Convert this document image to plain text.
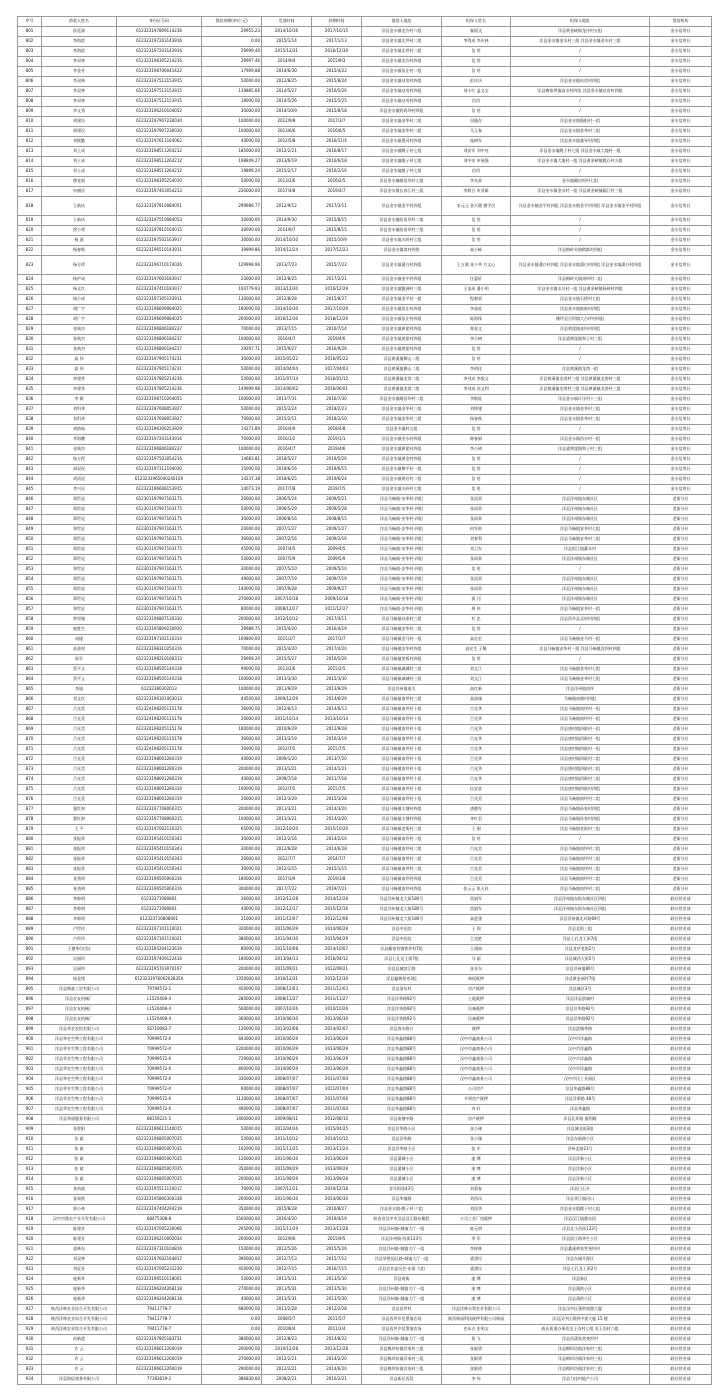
序号	借款人姓名	身份证号码	贷款余额(单位:元)	发放时间	到期时间	借款人地址	担保人姓名	担保人地址	贷款机构
801	侯廷斌	612323197809114236	29955.23	2014/10/16	2017/10/15	洋县金水镇龙冷村六组	秦丽文	洋县黄金峡镇龙冷村五组	金水信用社
802	李海滨	612323197203143916	0.00	2015/1/14	2017/1/13	洋县金水镇北坪村二组	李得成 李庆林	洋县金水镇金水村三组 洋县金水镇金水村三组	金水信用社
803	李海滨	612323197203143916	29999.40	2015/12/31	2016/12/30	洋县金水镇北坪村二组	信 用	/	金水信用社
804	李双林	612323198305214216	29997.46	2014/9/4	2015/9/3	洋县金水镇龙冷村四组	信 用	/	金水信用社
805	李金芳	612323198706041422	17909.88	2014/6/30	2015/4/22	洋县金水镇张庄村二组	信 用	/	金水信用社
806	李双林	612323197512153915	50000.00	2012/8/25	2015/8/24	洋县金水镇站房村四组	彭庆庆	洋县金水镇站房村四组	金水信用社
807	李双林	612323197512153915	139885.66	2014/5/27	2016/5/26	洋县金水镇站房村四组	刘小红 盖文宝	洋县梅家坝镇高水村四组 洋县金水镇站房村四组	金水信用社
808	李双林	612323197512153915	18000.00	2014/5/26	2015/5/25	洋县金水镇站房村四组	信用	/	金水信用社
809	李文秀	612323196210104052	30000.00	2014/10/9	2015/8/18	洋县金水镇野鸡坝村四组	信 用	/	金水信用社
810	胡建设	612323197907230030	100000.00	2012/9/8	2017/3/7	洋县金水镇金华村二组	闵隆存	洋县金水镇隆阳村一组	金水信用社
811	胡建设	612323197907230030	100000.00	2013/6/6	2016/6/5	洋县金水镇金华村二组	马玉春	洋县金水镇金华村二组	金水信用社
812	刘焕勤	612323197611164062	40000.00	2012/5/8	2016/11/4	洋县金水镇墨河村四组	庞树军	洋县金水镇暴导村四组	金水信用社
813	刘土成	612323198511264212	185000.00	2012/2/21	2016/8/17	洋县金水镇跳子村七组	刘安军 刘中亮	洋县金水镇跳子村七组 洋县金水镇大地村一组	金水信用社
814	刘土成	612323198511264212	198849.27	2013/6/19	2016/6/18	洋县金水镇跳子村七组	刘中亮 申展强	洋县金水镇大地村一组 洋县黄金峡镇跳石村五组	金水信用社
815	刘土成	612323198511264212	19899.24	2015/2/17	2016/2/16	洋县金水镇跳子村七组	信用	/	金水信用社
816	穆党娟	612323198105254010	50000.00	2013/2/6	2016/2/5	洋县金水镇睡田坝村七组	李先果	金水镇睡田坝村七组	金水信用社
817	申旗庆	612323197403054213	220000.00	2017/4/8	2019/4/7	洋县金水镇长春江村三组	李润百 申亚雄	洋县金水镇金水村一组 洋县黄金峡镇隔江村三组	金水信用社
818	王新庆	612323197810084051	299989.77	2012/9/12	2017/3/11	洋县金水镇金平村四组	宋元元 金天健 穆学民	洋县金水镇金平村四组 洋县金水镇金平村四组 洋县金水镇金平村四组	金水信用社
819	王新庆	612323197510084053	30000.00	2014/9/30	2015/8/15	洋县金水镇阳田坝村二组	信 用	/	金水信用社
820	徐小勇	612323197810164015	30000.00	2014/9/7	2015/8/15	洋县金水镇阳田坝村三组	信 用	/	金水信用社
821	杨 波	612323197502163917	30000.00	2014/10/10	2015/10/9	洋县金水镇关岭村七组	信 用	/	金水信用社
822	杨春秋	612323196510143911	39999.86	2014/12/24	2017/12/23	洋县金水镇湾村四组	高小栋	洋县梅岭关镇稍都村四组	金水信用社
823	杨方珍	612323196710174026	129998.96	2013/7/23	2015/7/22	洋县金水镇蒲白村四组	王万满 张小华 方文心	洋县金水镇蒲白村四组 洋县金水镇蒲白村四组 洋县金水镇蒲白村四组	金水信用社
824	杨庐成	612323197603183917	23000.00	2012/8/25	2017/2/21	洋县金水镇金平村四组	任惠轩	洋县梅岭关镇南坝村二组	金水信用社
825	杨文红	612323197410183917	104779.93	2013/12/30	2016/12/29	洋县金水镇鲍洲村三组	王家成 潘小明	洋县金水镇水川村一组 洋县黄金峡镇杨岭村四组	金水信用社
826	杨小成	612323197305133911	130000.00	2012/8/28	2015/8/27	洋县金水镇金平村一组	程朝荣	洋县金水镇石桥村七组	金水信用社
827	胡广宇	612323196609084025	160000.00	2014/10/30	2017/10/29	洋县金水镇张庄村四组	李高娃	洋县金水镇鼓鼓村四组	金水信用社
828	胡广宇	612323196609084025	200000.00	2016/12/30	2018/12/29	洋县金水镇张庄村四组	陈海锋	佛坪县岳坝镇大古坪村四组	金水信用社
829	张典杰	612323196806184237	70000.00	2013/7/15	2016/7/14	洋县金水镇黄崖村四组	郑金文	洋县黄崖镇张坝村四组	金水信用社
830	张典杰	612323196806184237	100000.00	2016/4/7	2019/4/6	洋县金水镇黄崖村四组	李小树	洋县梁黄崖镇和子村三组	金水信用社
831	张典杰	612323196806184237	29297.71	2015/9/27	2016/9/26	洋县金水镇黄崖村四组	信 用	/	金水信用社
832	高 伟	612323197905174231	30000.00	2015/05/22	2016/05/22	洋县黄溪镇狮山二组	信 用	/	金水信用社
833	高 伟	612323197905174231	50000.00	2014/04/04	2017/04/03	洋县黄溪镇狮山二组	李明佳	洋县黄溪镇龙湾一组	金水信用社
834	李建华	612323197805214236	50000.00	2011/07/14	2016/01/12	洋县黄溪镇龙湾二组	李刊成 李俊文	洋县黄溪镇龙湾村三组 洋县黄溪镇龙湾村三组	金水信用社
835	李建华	612323197805214236	149999.98	2014/06/02	2016/06/01	洋县黄溪镇龙湾二组	李刊成 苏文利	洋县黄溪镇龙湾村三组 洋县黄溪镇龙湾村三组	金水信用社
836	李 敏	612323198710264055	100000.00	2013/7/31	2016/7/30	洋县金水镇睡田坝村二组	李敏娃	洋县金水镇许洋村十三组	金水信用社
837	刘科华	612323197608053927	50000.00	2015/2/24	2018/2/23	洋县金水镇金华村三组	刘坤建	洋县金水镇金华村三组	金水信用社
838	刘科华	612323197608053927	70000.00	2015/2/11	2018/2/10	洋县金水镇金华村三组	杨春秋	洋县金水镇金华村三组	金水信用社
839	胡倩茹	612323196306253929	14271.89	2016/4/9	2018/4/8	洋县金水镇村五组	信 用	/	金水信用社
840	李海鹏	612323197203143916	70000.00	2016/1/2	2019/1/1	洋县金水镇金水村四组	韩春娟	洋县金水镇西水村一组	金水信用社
841	张典杰	612323196806184237	100000.00	2016/4/7	2019/4/6	洋县金水镇黄崖村四组	李小树	洋县梁黄崖镇和子村三组	金水信用社
842	杨万程	612323197503054216	14683.81	2018/5/27	2019/5/26	洋县金水镇黄金村四组	信 用	/	金水信用社
843	胡双权	612323197312194030	15000.00	2018/6/16	2019/6/15	洋县金水镇狮平村一组	信 用	/	金水信用社
844	胡清虎	612323196504024010X	14237.38	2018/6/25	2019/6/24	洋县金水镇黄启村二组	信 用	/	金水信用社
845	李兴民	612323196608153915	14073.19	2017/7/8	2019/7/5	洋县金水镇关岭村七组	信 用	/	金水信用社
846	郑世虎	612301197907163175	20000.00	2006/5/24	2009/5/21	洋县马畅镇-安华村-四组	张雨荣	洋县洋州镇东城社区	老街分社
847	郑世虎	612301197907163175	50000.00	2006/5/29	2009/5/28	洋县马畅镇-安华村-四组	张雨荣	洋县洋州镇东城社区	老街分社
848	郑世虎	612301197907163175	30000.00	2006/8/16	2008/8/15	洋县马畅镇-安华村-四组	张雨荣	洋县洋州镇东城社区	老街分社
849	郑世虎	612301197907163175	20000.00	2007/1/27	2009/1/27	洋县马畅镇-安华村-四组	何军则	洋县马畅镇安华村七组	老街分社
850	郑世虎	612301197907163175	30000.00	2007/2/16	2009/2/16	洋县马畅镇-安华村-四组	刘春利	洋县马畅镇安华村二组	老街分社
851	郑世虎	612301197907163175	45000.00	2007/4/5	2009/4/5	洋县马畅镇-安华村-四组	邓卫东	洋县机江镇灌水村	老街分社
852	郑世虎	612301197907163175	50000.00	2007/5/9	2009/5/9	洋县马畅镇-安华村-四组	张雨荣	洋县洋州镇东城社区	老街分社
853	郑世虎	612301197907163175	30000.00	2007/5/10	2009/5/10	洋县马畅镇-安华村-四组	信 用	/	老街分社
854	郑世虎	612301197907163175	49000.00	2007/7/19	2009/7/19	洋县马畅镇-安华村-四组	张雨荣	洋县洋州镇东城社区	老街分社
855	郑世虎	612301197907163175	140000.00	2007/9/28	2009/9/27	洋县马畅镇-安华村-四组	张雨荣	洋县洋州镇东城社区	老街分社
856	郑世虎	612301197907163175	270000.00	2007/10/18	2009/10/18	洋县马畅镇-安华村-四组	孤 刊	洋县洋州镇东城社区	老街分社
857	郑世虎	612301197907163175	80000.00	2008/12/27	2011/12/27	洋县马畅镇-安华村-四组	周 伟	洋县马畅镇安华村一组	老街分社
858	黄里谢	612323196807130310	200000.00	2012/10/12	2017/4/11	洋县马畅镇孙家村三组	杜 忠	洋县西乡县灵府村四组	老街分社
859	庞胜生	612323195809230930	29989.75	2015/4/20	2016/4/19	洋县马畅镇安华村二组	信 用	/	老街分社
860	南捷	612323197102110314	169800.00	2015/3/7	2017/3/7	洋县马畅镇金马村一组	高宏宏	洋县马畅镇金马村一组	老街分社
861	高嘉财	612323198310250316	70000.00	2015/4/20	2017/4/20	洋县马畅镇安华村四组	高宏生 王稀	洋县马畅镇安华村一组 洋县马畅镇西坝村四组	老街分社
862	候军	612323198210160313	29999.20	2015/5/27	2016/5/26	洋县马畅镇里板村四组	信 用	/	老街分社
863	蔡平义	612323198505140318	99000.00	2013/2/6	2015/2/5	洋县马畅镇城城村三组	刘文江	洋县马畅镇金华村七组	老街分社
864	蔡平义	612323198505140318	100000.00	2013/3/30	2015/3/30	洋县马畅镇城城村三组	刘文江	洋县马畅镇金华村七组	老街分社
865	李迪	61232380302013	100000.00	2011/9/29	2013/9/29	洋县洋州镇南关	高红新	洋县洋州镇南坪	老街分社
866	刘文红	612323196301063013	44500.00	2009/12/29	2014/6/29	洋县马畅镇南坪村三组	高油刚	马畅镇南塘村四组	老街分社
867	吕光美	612324198205115178	36000.00	2012/6/13	2014/6/13	洋县马畅镇南坪村十组	吕光华	洋县马畅镇南坪村一组	老街分社
868	吕光美	612324198205115178	20000.00	2011/10/14	2013/10/14	洋县马畅镇南坪村十组	吕光华	洋县马畅镇南坪村一组	老街分社
869	吕光美	612324198205115178	180000.00	2010/9/29	2012/9/28	洋县马畅镇南坪村十组	吕光华	洋县唐村镇四联村一组	老街分社
870	吕光美	612324198205115178	30000.00	2013/3/19	2016/3/19	洋县马畅镇南坪村十组	吕光华	洋县唐村镇四联村一组	老街分社
871	吕光美	612324198205115178	10000.00	2012/7/5	2015/7/5	洋县马畅镇南坪村十组	吕光华	洋县唐村镇四联村一组	老街分社
872	吕光美	612323198001280319	40000.00	2009/1/20	2013/7/20	洋县马畅镇南坪村十组	吕光华	洋县唐村镇四联村二组	老街分社
873	吕光美	612323198001280319	200000.00	2013/1/21	2014/1/21	洋县马畅镇南坪村十组	吕光华	洋县唐村镇四联村二组	老街分社
874	吕光美	612323198001280319	40000.00	2009/7/18	2011/7/18	洋县马畅镇南坪村十组	吕光华	洋县唐村镇四联村二组	老街分社
875	吕光美	612323198001280319	100000.00	2012/7/5	2015/7/5	洋县马畅镇南坪村十组	伍安富	洋县唐村镇四联村四组	老街分社
876	吕光美	612323198001280319	20000.00	2012/3/29	2015/3/28	洋县马畅镇南坪村十组	吕光美	洋县马畅镇南坪村二组	老街分社
877	强红财	612323197708060315	200000.00	2011/3/21	2014/3/20	洋县马畅镇丰塘村四组	唐德军	洋县马畅镇孙家村四组	老街分社
878	强红财	612323197708060315	100000.00	2011/3/21	2014/3/20	洋县马畅镇丰塘村四组	齐红君	洋县马畅镇孙家村四组	老街分社
879	王 平	612323197002110325	65000.00	2012/10/20	2015/10/20	洋县马畅镇老街村三组	王 刚	洋县马畅镇老街村三组	老街分社
880	张振荣	612323195410150343	30000.00	2012/2/16	2014/2/16	洋县马畅镇南坪村二组	信 用	/	老街分社
881	张振荣	612323195410150343	30000.00	2012/6/28	2014/6/28	洋县马畅镇南坪村二组	吕光美	洋县马畅镇南坪村二组	老街分社
882	张振荣	612323195410150343	20000.00	2012/7/7	2014/7/7	洋县马畅镇南坪村二组	吕光美	洋县马畅镇南坪村二组	老街分社
883	张振荣	612323195410150343	30000.00	2012/1/15	2015/1/15	洋县马畅镇南坪村二组	吕光美	洋县马畅镇南坪村二组	老街分社
884	张劲明	612323196505060316	180000.00	2017/3/9	2019/3/8	洋县马畅镇南坪村四组	吕光美	洋县马畅镇南坪村二组	老街分社
885	张劲明	612323196505060316	300000.00	2017/7/22	2019/7/21	洋县马畅镇南坪村四组	张云云 张天祥	洋县马畅镇南坪村二组	老街分社
886	李帅明	61232371080801	36000.00	2012/12/28	2014/12/28	洋县洋州镇北大街180号	雷娟军	洋县洋州镇东街东城社区四组	联社营业部
887	李帅明	61232371080801	40000.00	2012/12/17	2015/12/16	洋县洋州镇北大街180号	雷娟军	洋县洋州镇东街东城社区四组	联社营业部
888	李帅明	612323710808001	21000.00	2011/12/07	2012/12/06	洋县洋州镇北大街180号	高进建	洋县洋州镇北环路69号	联社营业部
889	卢世玲	612323197101110021	320000.00	2011/06/29	2014/06/28	洋县中医院	王 翔	洋县北街三组	联社营业部
890	卢世玲	612323197101110021	380000.00	2011/04/30	2015/04/29	洋县中医院	王克艳	洋县七孔龙王街7组	联社营业部
891	王德华(实验)	612323195204123619	80000.00	2011/10/08	2014/10/07	洋县戴家营镇铁坪村7组	王翊知	洋县龙亭老街2号	联社营业部
892	吴丽坝	612323197409122416	180000.00	2013/04/13	2016/04/12	洋县七孔龙王街7组	马 丽	洋县城西大街5号	联社营业部
893	吴丽坝	612323195703070167	200000.00	2011/09/21	2012/09/21	洋县县城滨江路	张亚东	洋县洋州镇80号	联社营业部
894	杨金缘	612323197606202835X	1350000.00	2010/12/31	2012/12/30	洋县龜梅景豪3组	林权既押	洋县黄金洲坪7组	联社营业部
895	洋县朗森工贸有限公司	79794572-1	450000.00	2008/12/03	2011/12/03	洋县洛坊村	房产既押	洋县城区3号	联社营业部
896	洋县农友机械厂	L1520408-4	280000.00	2008/11/27	2011/11/27	洋县洋华路92号	土地既押	洋县洋县滨城村	联社营业部
897	洋县农友机械厂	L1520408-4	500000.00	2007/10/26	2010/10/26	洋县洋华路92号	设备既押	洋县洋华路92号	联社营业部
898	洋县农友机械厂	L1520408-4	360000.00	2010/06/30	2013/06/30	洋县洋华路92号	设备既押	洋县洋华路92号	联社营业部
899	洋县华农农机有限公司	56710083-7	120000.00	2013/02/08	2014/02/07	洋县春水路口	既押	洋县滨城华路	联社营业部
900	洋县华农生物工程有限公司	70999572-X	693000.00	2010/06/29	2013/06/29	洋县华鑫路88号	汉中市鑫商务公司	汉中市洋鑫路	联社营业部
901	洋县华农生物工程有限公司	70999572-X	2200000.00	2010/06/29	2013/06/29	洋县华鑫路88号	汉中市鑫商务公司	汉中市洋鑫路	联社营业部
902	洋县华农生物工程有限公司	70999572-X	729000.00	2010/06/29	2013/06/29	洋县华鑫路88号	汉中市鑫商务公司	汉中市洋鑫路	联社营业部
903	洋县华农生物工程有限公司	70999572-X	800000.00	2010/06/29	2013/06/29	洋县华鑫路88号	汉中市鑫商务公司	汉中市洋鑫路	联社营业部
904	洋县华农生物工程有限公司	70999572-X	330000.00	2008/07/07	2011/07/04	洋县华鑫路88号	汉中市鑫商务公司	汉中市民工业园区	联社营业部
905	洋县华农生物工程有限公司	70999572-X	60000.00	2008/07/07	2011/07/04	洋县华鑫路88号	公司房产	洋县华鑫路88号	联社营业部
906	洋县华农生物工程有限公司	70999572-X	1110000.00	2008/07/07	2011/07/06	洋县华鑫路88号	开明房产既押	洋县洋華路 48号	联社营业部
907	洋县华农生物工程有限公司	70999572-X	490000.00	2008/07/07	2011/07/04	洋县华鑫路88号	齐 轩	洋县华鑫路	联社营业部
908	洋县华丽服务有限公司	68159221-5	1400000.00	2009/08/11	2012/08/10	洋县南塘中路	房产既押	洋县北环路 服利路	联社营业部
909	张智阳	612323196611140015	50000.00	2012/04/26	2015/04/25	洋县洋华路小区	张小刚	洋县城北街3组	联社营业部
910	张 斌	612323196805007035	50000.00	2011/10/12	2014/10/12	洋县洋华路	张小刚	洋县东新路小区	联社营业部
911	张 斌	612323196805007035	162000.00	2011/11/25	2013/11/24	洋县洋华路小区	张 中	洋州北路21号	联社营业部
912	张 斌	612323196805007035	120000.00	2011/06/30	2013/06/29	洋县蒲城小区	庞 博	洋县洋新小区	联社营业部
913	张 斌	612323196805007035	350000.00	2011/09/29	2013/09/28	洋县蒲城小区	庞 博	洋县洋新小区	联社营业部
914	张 斌	612323196805007035	200000.00	2011/09/29	2013/09/28	洋县蒲城小区	庞 博	洋县洋新小区	联社营业部
915	张尚斌	612323195511110017	70000.00	2007/12/21	2010/12/18	青年街道43号	刘莉春	洋县白石乡	联社营业部
916	张奉跃	612323195806300338	200000.00	2011/06/30	2014/06/30	洋县华镇路	刘西凤	洋县华江镇河口	联社营业部
917	郭小林	612323197404294219	350000.00	2015/8/28	2016/8/27	洋县金水镇-跳子村-六组	刘国华	洋县金水镇跳子村七组	联社营业部
918	汉中市鼎农产业开发有限公司	68475308-8	3500000.00	2016/4/20	2019/4/19	陕西省汉中市洋县汉江路东侧段	公司工业厂房既押	洋县汉江镇鼎东段	联社营业部
919	陈建芳	612323197005230066	265000.00	2011/11/29	2013/11/28	洋县洋州镇-城镇大厅一组	陈元明	洋县北小西街123号	联社营业部
920	陈建芳	612323196210002034	200000.00	2012/9/6	2015/9/5	洋县洋州镇-西街123号	李 军	洋县滨江路华生小区	联社营业部
921	梁林东	612323197310104816	150000.00	2012/5/26	2015/5/26	洋县洋州镇-城镇大厅一组	李梓林	洋县桑溪黄家营尧坝村	联社营业部
922	刘双林	612323197602164817	390000.00	2012/7/13	2015/7/12	洋县华胜园区路-城镇大厅一组	梁建设	洋县东城开源区	联社营业部
923	刘虎芳	612323197005231230	450000.00	2012/7/15	2016/7/15	洋县农业委员会-东街 九组	梁建设	洋县七孔龙王街2号	联社营业部
924	庞新华	612323196510118001	50000.00	2011/5/31	2013/5/30	洋县南街	庞 博	洋县新区	联社营业部
925	庞新华	612323196204268118	270000.00	2011/5/31	2013/5/30	洋县洋州镇-城镇大厅一组	庞 博	洋县蒲供小区	联社营业部
926	庞新华	612323196204268118	40000.00	2011/5/31	2013/5/30	洋县洋州镇-城镇大厅一组	庞 博	洋县蒲供小区	联社营业部
927	陕西洋林农业综合开发有限公司	79411778-7	680000.00	2011/2/28	2012/2/28	洋县西坪村	洋县洋林水利农业有限公司	洋县汉中区蒲供商鼎大厦	联社营业部
928	陕西洋林农业综合开发有限公司	79411778-7	0.00	2008/5/7	2011/5/7	洋县西坪乡范墨墙农场	陕西林园科技既押有限公司林园	洋县汉中区蒲供中建大厦 15 楼	联社营业部
929	陕西洋林农业综合开发有限公司	79411778-7	0.00	2010/8/4	2011/2/4	洋县西坪乡范墨墙农场	史从吉 史明文	戚氏街道办事处龙王沟村七组 龙王沟村六组	联社营业部
930	尚新莲	612323197805183731	380000.00	2012/8/23	2014/8/22	洋县洋州镇-城镇大厅一组	詹 飞	洋县西蒲家营尧坝村	联社营业部
931	许 云	612323196612260019	200000.00	2010/12/28	2013/12/28	洋县梅坝坊镇洋家村三组	张殿勇	洋县梅坝坊镇洋家村三组	联社营业部
932	许 云	612323196612260019	270000.00	2012/2/21	2014/2/20	洋县梅坝坊镇洋家村三组	张殿勇	洋县梅坝坊镇洋家村三组	联社营业部
933	许 云	612323196612260019	290000.00	2012/2/21	2014/6/20	洋县梅坝坊镇洋家村三组	张殿勇	洋县梅坝坊镇洋家村三组	联社营业部
934	洋县海辰商务有限公司	77383619-2	386830.00	2008/2/21	2010/2/21	洋县新区西段	李 伟	洋县力佳村地产公司	联社营业部
